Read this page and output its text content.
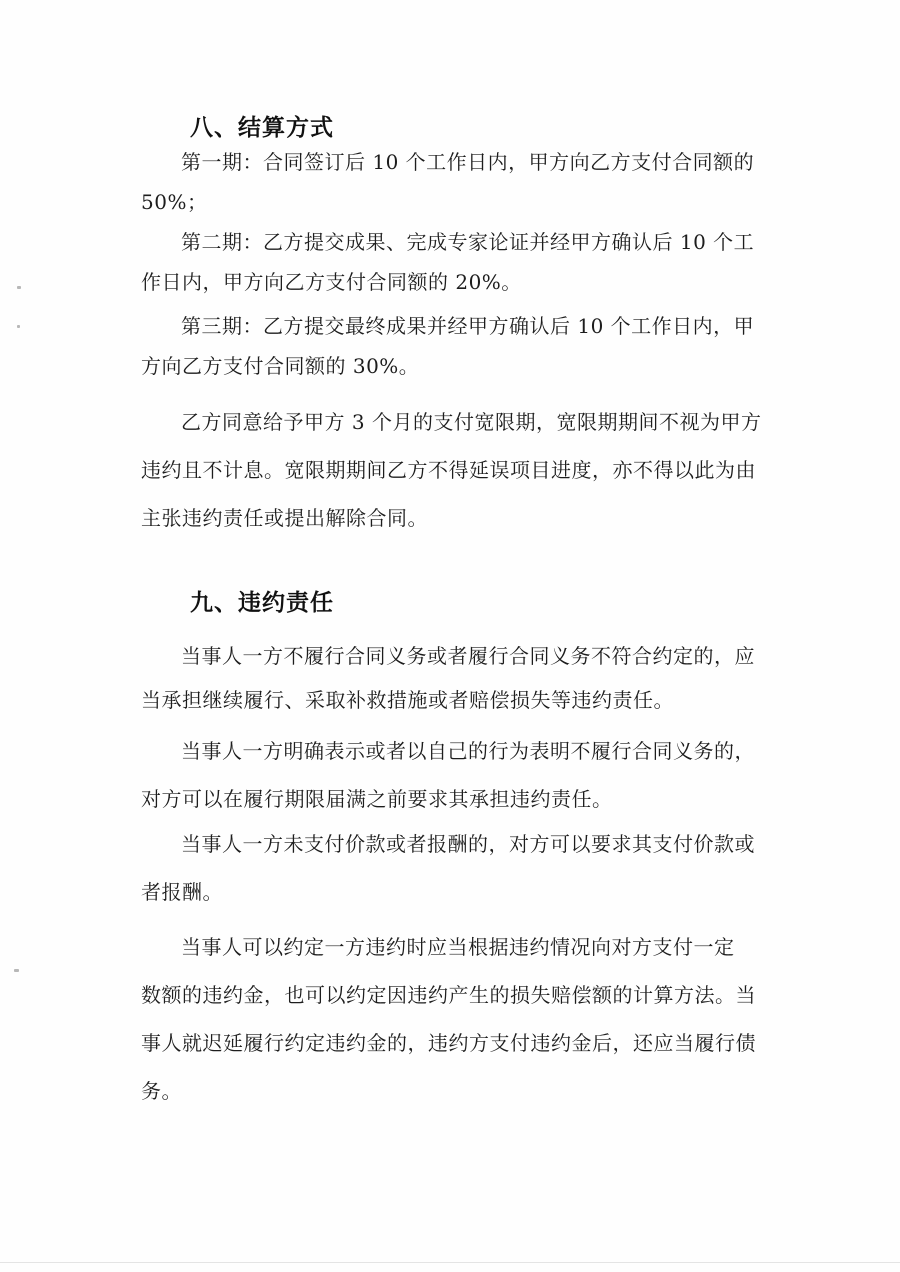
八、结算方式

第一期：合同签订后 10 个工作日内，甲方向乙方支付合同额的
50%；

第二期：乙方提交成果、完成专家论证并经甲方确认后 10 个工
作日内，甲方向乙方支付合同额的 20%。

第三期：乙方提交最终成果并经甲方确认后 10 个工作日内，甲
方向乙方支付合同额的 30%。

乙方同意给予甲方 3 个月的支付宽限期，宽限期期间不视为甲方
违约且不计息。宽限期期间乙方不得延误项目进度，亦不得以此为由
主张违约责任或提出解除合同。

九、违约责任

当事人一方不履行合同义务或者履行合同义务不符合约定的，应
当承担继续履行、采取补救措施或者赔偿损失等违约责任。

当事人一方明确表示或者以自己的行为表明不履行合同义务的，
对方可以在履行期限届满之前要求其承担违约责任。

当事人一方未支付价款或者报酬的，对方可以要求其支付价款或
者报酬。

当事人可以约定一方违约时应当根据违约情况向对方支付一定
数额的违约金，也可以约定因违约产生的损失赔偿额的计算方法。当
事人就迟延履行约定违约金的，违约方支付违约金后，还应当履行债
务。
